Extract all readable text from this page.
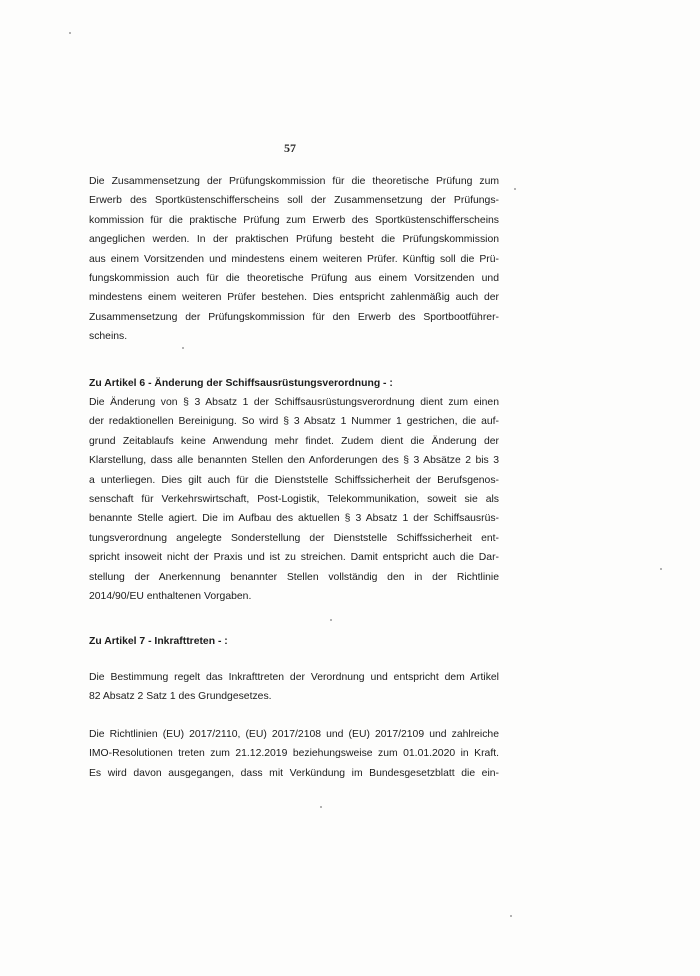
57
Die Zusammensetzung der Prüfungskommission für die theoretische Prüfung zum
Erwerb des Sportküstenschifferscheins soll der Zusammensetzung der Prüfungs-
kommission für die praktische Prüfung zum Erwerb des Sportküstenschifferscheins
angeglichen werden. In der praktischen Prüfung besteht die Prüfungskommission
aus einem Vorsitzenden und mindestens einem weiteren Prüfer. Künftig soll die Prü-
fungskommission auch für die theoretische Prüfung aus einem Vorsitzenden und
mindestens einem weiteren Prüfer bestehen. Dies entspricht zahlenmäßig auch der
Zusammensetzung der Prüfungskommission für den Erwerb des Sportbootführer-
scheins.
Zu Artikel 6 - Änderung der Schiffsausrüstungsverordnung - :
Die Änderung von § 3 Absatz 1 der Schiffsausrüstungsverordnung dient zum einen
der redaktionellen Bereinigung. So wird § 3 Absatz 1 Nummer 1 gestrichen, die auf-
grund Zeitablaufs keine Anwendung mehr findet. Zudem dient die Änderung der
Klarstellung, dass alle benannten Stellen den Anforderungen des § 3 Absätze 2 bis 3
a unterliegen. Dies gilt auch für die Dienststelle Schiffssicherheit der Berufsgenos-
senschaft für Verkehrswirtschaft, Post-Logistik, Telekommunikation, soweit sie als
benannte Stelle agiert. Die im Aufbau des aktuellen § 3 Absatz 1 der Schiffsausrüs-
tungsverordnung angelegte Sonderstellung der Dienststelle Schiffssicherheit ent-
spricht insoweit nicht der Praxis und ist zu streichen. Damit entspricht auch die Dar-
stellung der Anerkennung benannter Stellen vollständig den in der Richtlinie
2014/90/EU enthaltenen Vorgaben.
Zu Artikel 7 - Inkrafttreten - :
Die Bestimmung regelt das Inkrafttreten der Verordnung und entspricht dem Artikel
82 Absatz 2 Satz 1 des Grundgesetzes.
Die Richtlinien (EU) 2017/2110, (EU) 2017/2108 und (EU) 2017/2109 und zahlreiche
IMO-Resolutionen treten zum 21.12.2019 beziehungsweise zum 01.01.2020 in Kraft.
Es wird davon ausgegangen, dass mit Verkündung im Bundesgesetzblatt die ein-
